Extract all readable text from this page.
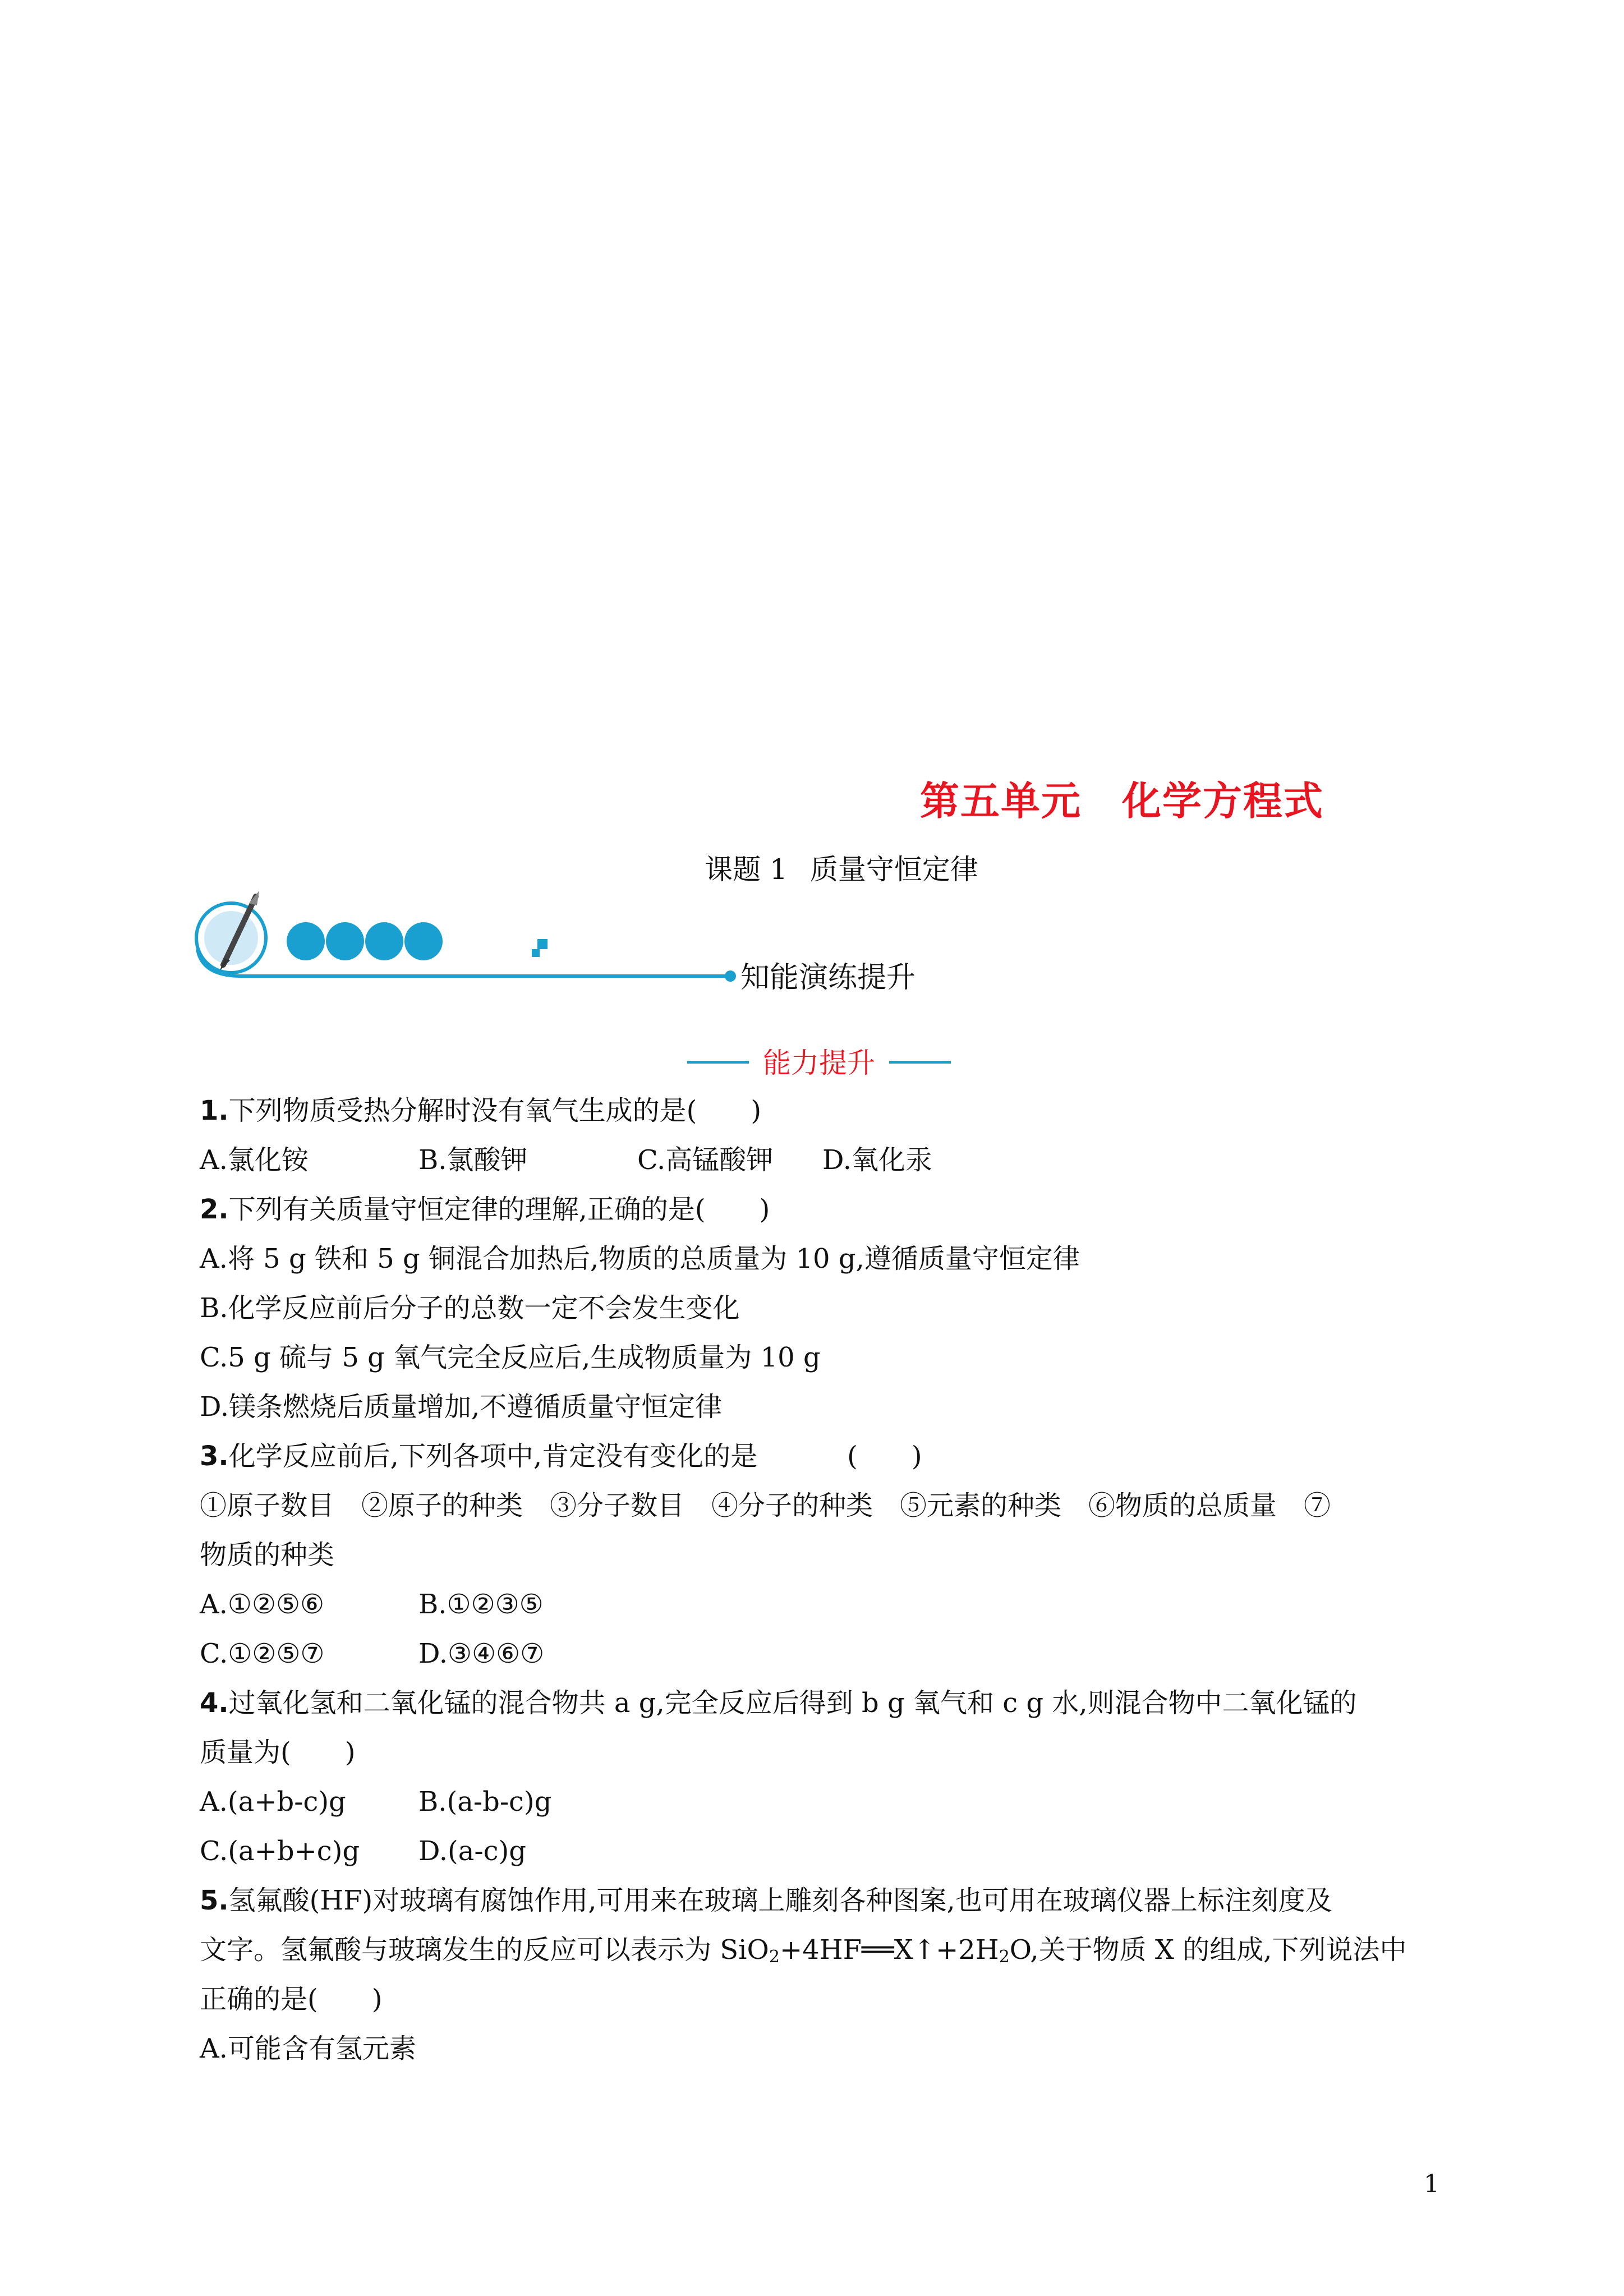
第五单元　化学方程式
课题 1 质量守恒定律
知能演练提升
能力提升
1.下列物质受热分解时没有氧气生成的是(　　)
A.氯化铵	B.氯酸钾	C.高锰酸钾 D.氧化汞
2.下列有关质量守恒定律的理解,正确的是(　　)
A.将 5 g 铁和 5 g 铜混合加热后,物质的总质量为 10 g,遵循质量守恒定律
B.化学反应前后分子的总数一定不会发生变化
C.5 g 硫与 5 g 氧气完全反应后,生成物质量为 10 g
D.镁条燃烧后质量增加,不遵循质量守恒定律
3.化学反应前后,下列各项中,肯定没有变化的是	(　　)
①原子数目　②原子的种类　③分子数目　④分子的种类　⑤元素的种类　⑥物质的总质量　⑦
物质的种类
A.①②⑤⑥	B.①②③⑤
C.①②⑤⑦	D.③④⑥⑦
4.过氧化氢和二氧化锰的混合物共 a g,完全反应后得到 b g 氧气和 c g 水,则混合物中二氧化锰的
质量为(　　)
A.(a+b-c)g	B.(a-b-c)g
C.(a+b+c)g D.(a-c)g
5.氢氟酸(HF)对玻璃有腐蚀作用,可用来在玻璃上雕刻各种图案,也可用在玻璃仪器上标注刻度及
文字。氢氟酸与玻璃发生的反应可以表示为 $SiO_2+4HF══X↑+2H_2O$,关于物质 X 的组成,下列说法中
正确的是(　　)
A.可能含有氢元素
1
